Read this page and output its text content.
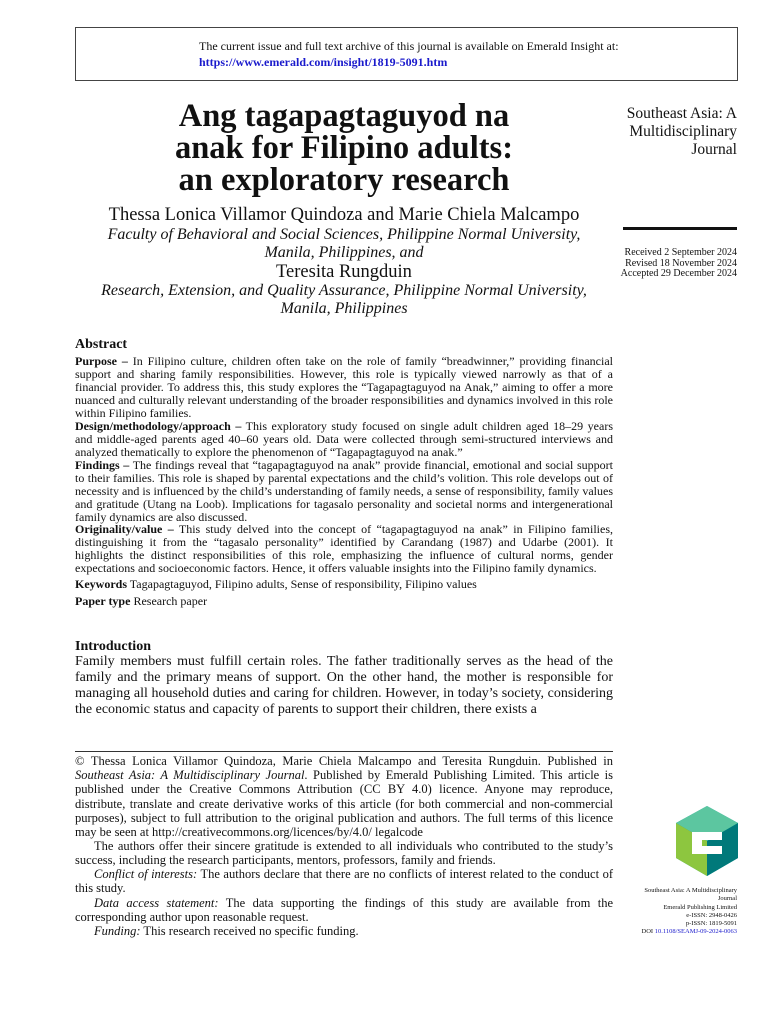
The current issue and full text archive of this journal is available on Emerald Insight at:
https://www.emerald.com/insight/1819-5091.htm
Ang tagapagtaguyod na
anak for Filipino adults:
an exploratory research
Thessa Lonica Villamor Quindoza and Marie Chiela Malcampo
Faculty of Behavioral and Social Sciences, Philippine Normal University,
Manila, Philippines, and
Teresita Rungduin
Research, Extension, and Quality Assurance, Philippine Normal University,
Manila, Philippines
Southeast Asia: A
Multidisciplinary
Journal
Received 2 September 2024
Revised 18 November 2024
Accepted 29 December 2024
Abstract
Purpose – In Filipino culture, children often take on the role of family “breadwinner,” providing financial support and sharing family responsibilities. However, this role is typically viewed narrowly as that of a financial provider. To address this, this study explores the “Tagapagtaguyod na Anak,” aiming to offer a more nuanced and culturally relevant understanding of the broader responsibilities and dynamics involved in this role within Filipino families.
Design/methodology/approach – This exploratory study focused on single adult children aged 18–29 years and middle-aged parents aged 40–60 years old. Data were collected through semi-structured interviews and analyzed thematically to explore the phenomenon of “Tagapagtaguyod na anak.”
Findings – The findings reveal that “tagapagtaguyod na anak” provide financial, emotional and social support to their families. This role is shaped by parental expectations and the child’s volition. This role develops out of necessity and is influenced by the child’s understanding of family needs, a sense of responsibility, family values and gratitude (Utang na Loob). Implications for tagasalo personality and societal norms and intergenerational family dynamics are also discussed.
Originality/value – This study delved into the concept of “tagapagtaguyod na anak” in Filipino families, distinguishing it from the “tagasalo personality” identified by Carandang (1987) and Udarbe (2001). It highlights the distinct responsibilities of this role, emphasizing the influence of cultural norms, gender expectations and socioeconomic factors. Hence, it offers valuable insights into the Filipino family dynamics.
Keywords Tagapagtaguyod, Filipino adults, Sense of responsibility, Filipino values
Paper type Research paper
Introduction
Family members must fulfill certain roles. The father traditionally serves as the head of the family and the primary means of support. On the other hand, the mother is responsible for managing all household duties and caring for children. However, in today’s society, considering the economic status and capacity of parents to support their children, there exists a
© Thessa Lonica Villamor Quindoza, Marie Chiela Malcampo and Teresita Rungduin. Published in Southeast Asia: A Multidisciplinary Journal. Published by Emerald Publishing Limited. This article is published under the Creative Commons Attribution (CC BY 4.0) licence. Anyone may reproduce, distribute, translate and create derivative works of this article (for both commercial and non-commercial purposes), subject to full attribution to the original publication and authors. The full terms of this licence may be seen at http://creativecommons.org/licences/by/4.0/ legalcode
The authors offer their sincere gratitude is extended to all individuals who contributed to the study’s success, including the research participants, mentors, professors, family and friends.
Conflict of interests: The authors declare that there are no conflicts of interest related to the conduct of this study.
Data access statement: The data supporting the findings of this study are available from the corresponding author upon reasonable request.
Funding: This research received no specific funding.
Southeast Asia: A Multidisciplinary
Journal
Emerald Publishing Limited
e-ISSN: 2948-0426
p-ISSN: 1819-5091
DOI 10.1108/SEAMJ-09-2024-0063
